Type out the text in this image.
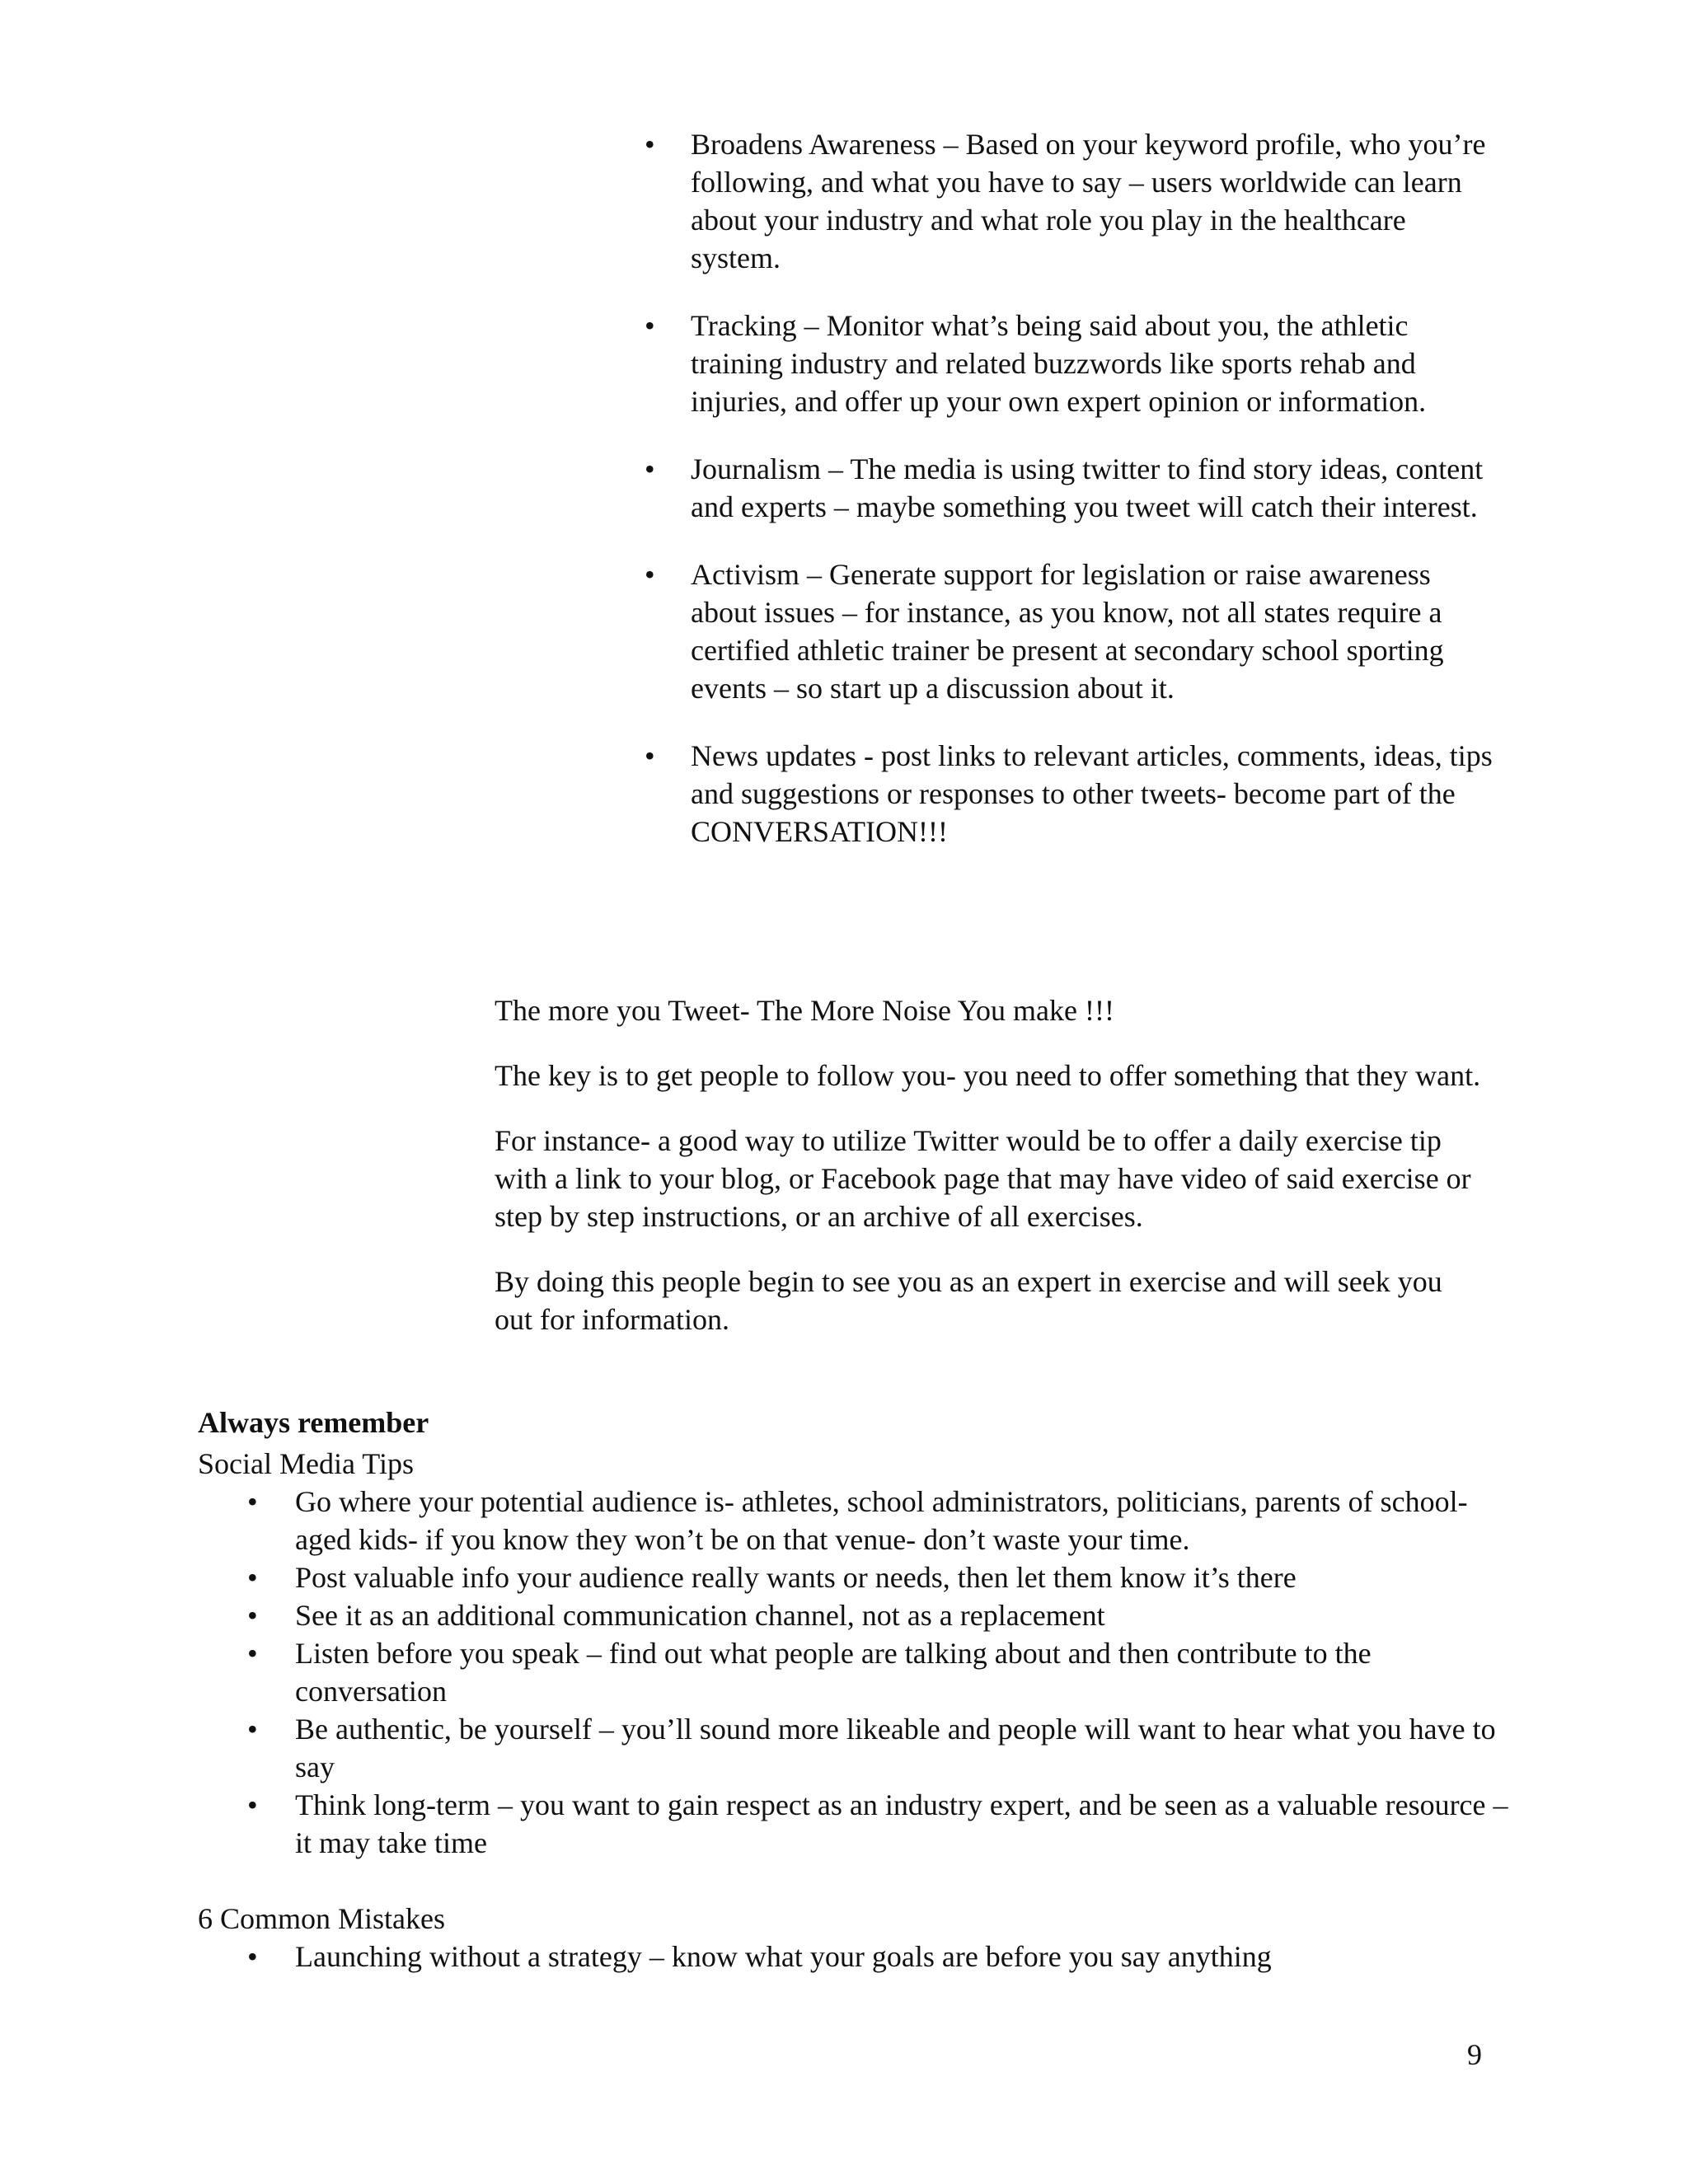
• Broadens Awareness – Based on your keyword profile, who you’re following, and what you have to say – users worldwide can learn about your industry and what role you play in the healthcare system.
• Tracking – Monitor what’s being said about you, the athletic training industry and related buzzwords like sports rehab and injuries, and offer up your own expert opinion or information.
• Journalism – The media is using twitter to find story ideas, content and experts – maybe something you tweet will catch their interest.
• Activism – Generate support for legislation or raise awareness about issues – for instance, as you know, not all states require a certified athletic trainer be present at secondary school sporting events – so start up a discussion about it.
• News updates - post links to relevant articles, comments, ideas, tips and suggestions or responses to other tweets- become part of the CONVERSATION!!!

The more you Tweet- The More Noise You make !!!

The key is to get people to follow you- you need to offer something that they want.

For instance- a good way to utilize Twitter would be to offer a daily exercise tip with a link to your blog, or Facebook page that may have video of said exercise or step by step instructions, or an archive of all exercises.

By doing this people begin to see you as an expert in exercise and will seek you out for information.

Always remember
Social Media Tips
• Go where your potential audience is- athletes, school administrators, politicians, parents of school-aged kids- if you know they won’t be on that venue- don’t waste your time.
• Post valuable info your audience really wants or needs, then let them know it’s there
• See it as an additional communication channel, not as a replacement
• Listen before you speak – find out what people are talking about and then contribute to the conversation
• Be authentic, be yourself – you’ll sound more likeable and people will want to hear what you have to say
• Think long-term – you want to gain respect as an industry expert, and be seen as a valuable resource – it may take time
6 Common Mistakes
• Launching without a strategy – know what your goals are before you say anything
9
